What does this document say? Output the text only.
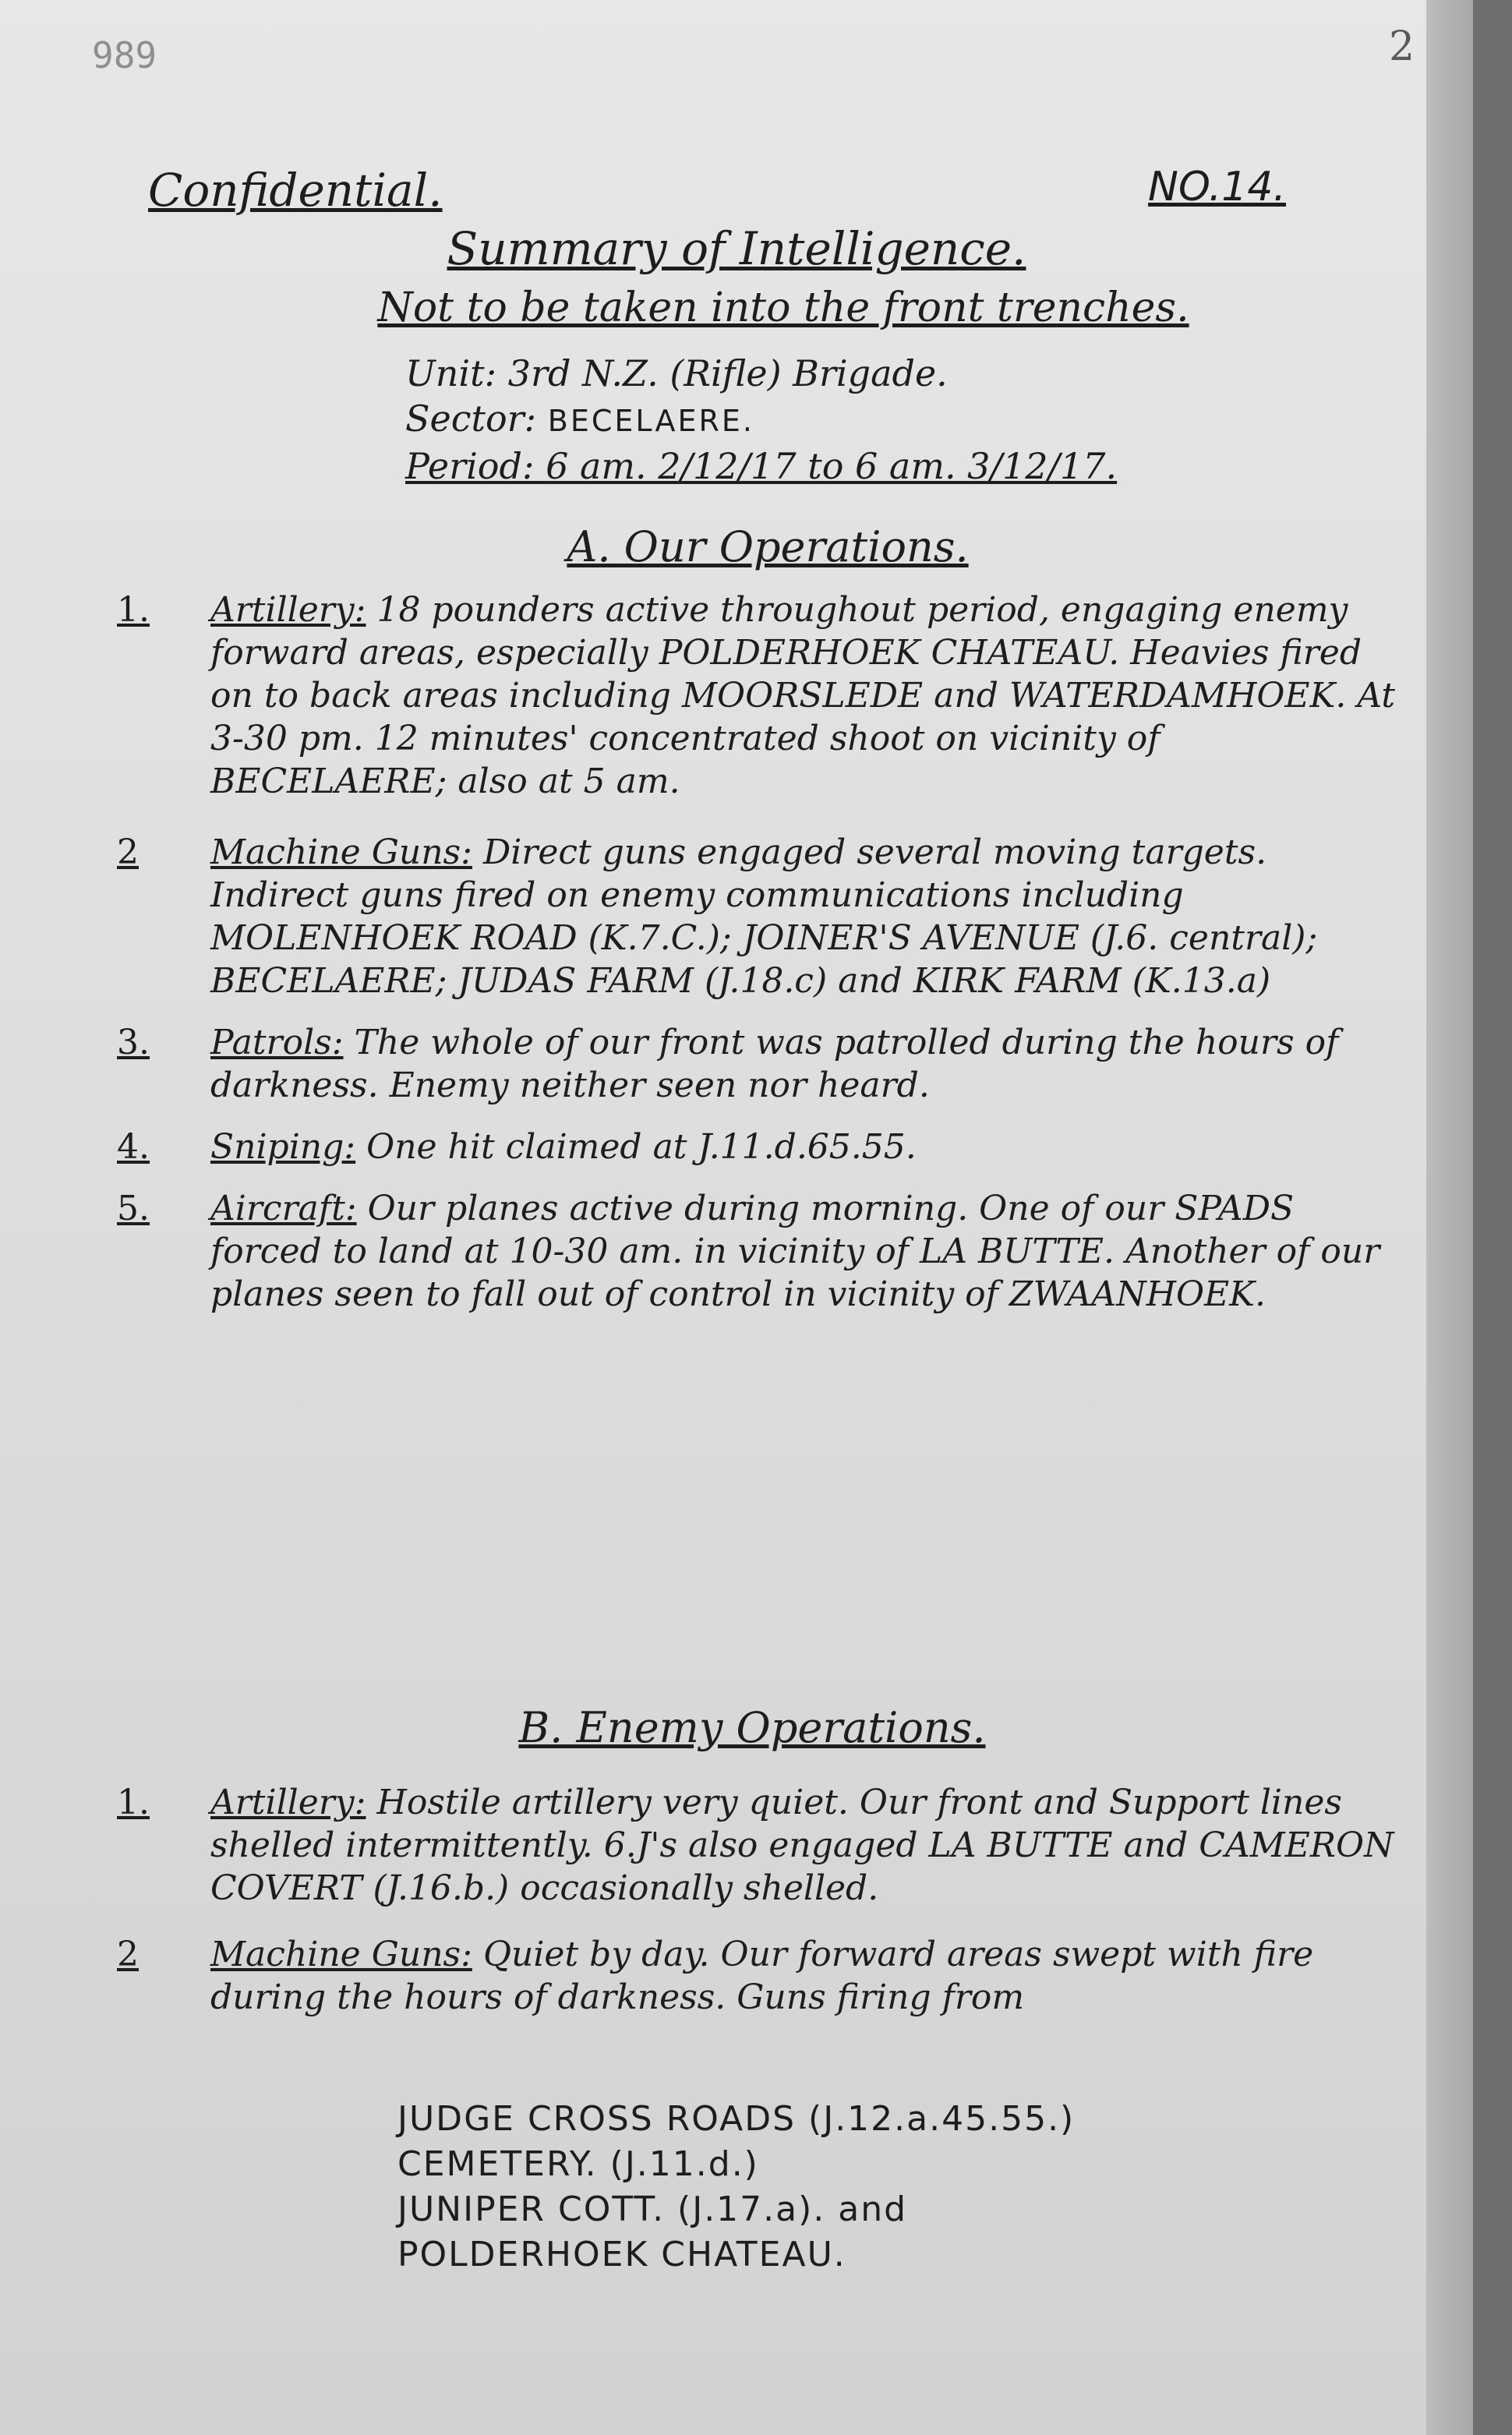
989	2
Confidential.	NO.14.
Summary of Intelligence.
Not to be taken into the front trenches.
Unit: 3rd N.Z. (Rifle) Brigade.
Sector: BECELAERE.
Period: 6 am. 2/12/17 to 6 am. 3/12/17.
A. Our Operations.
1.	Artillery: 18 pounders active throughout period, engaging enemy forward areas, especially POLDERHOEK CHATEAU. Heavies fired on to back areas including MOORSLEDE and WATERDAMHOEK. At 3-30 pm. 12 minutes' concentrated shoot on vicinity of BECELAERE; also at 5 am.
2	Machine Guns: Direct guns engaged several moving targets. Indirect guns fired on enemy communications including MOLENHOEK ROAD (K.7.C.); JOINER'S AVENUE (J.6. central); BECELAERE; JUDAS FARM (J.18.c) and KIRK FARM (K.13.a)
3.	Patrols: The whole of our front was patrolled during the hours of darkness. Enemy neither seen nor heard.
4.	Sniping: One hit claimed at J.11.d.65.55.
5.	Aircraft: Our planes active during morning. One of our SPADS forced to land at 10-30 am. in vicinity of LA BUTTE. Another of our planes seen to fall out of control in vicinity of ZWAANHOEK.
B. Enemy Operations.
1.	Artillery: Hostile artillery very quiet. Our front and Support lines shelled intermittently. 6.J's also engaged LA BUTTE and CAMERON COVERT (J.16.b.) occasionally shelled.
2	Machine Guns: Quiet by day. Our forward areas swept with fire during the hours of darkness. Guns firing from
JUDGE CROSS ROADS (J.12.a.45.55.)
CEMETERY. (J.11.d.)
JUNIPER COTT. (J.17.a). and
POLDERHOEK CHATEAU.
